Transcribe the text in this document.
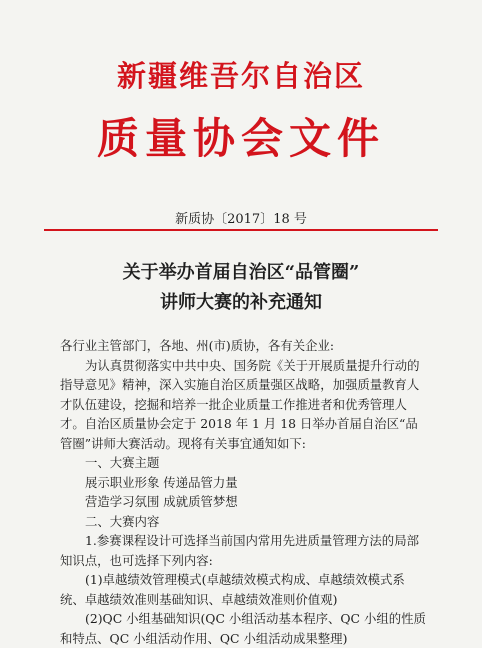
新疆维吾尔自治区
质量协会文件
新质协〔2017〕18 号
关于举办首届自治区“品管圈”
讲师大赛的补充通知

各行业主管部门，各地、州(市)质协，各有关企业:

为认真贯彻落实中共中央、国务院《关于开展质量提升行动的指导意见》精神，深入实施自治区质量强区战略，加强质量教育人才队伍建设，挖掘和培养一批企业质量工作推进者和优秀管理人才。自治区质量协会定于 2018 年 1 月 18 日举办首届自治区“品管圈”讲师大赛活动。现将有关事宜通知如下:

一、大赛主题

展示职业形象 传递品管力量

营造学习氛围 成就质管梦想

二、大赛内容

1.参赛课程设计可选择当前国内常用先进质量管理方法的局部知识点，也可选择下列内容:

(1)卓越绩效管理模式(卓越绩效模式构成、卓越绩效模式系统、卓越绩效准则基础知识、卓越绩效准则价值观)

(2)QC 小组基础知识(QC 小组活动基本程序、QC 小组的性质和特点、QC 小组活动作用、QC 小组活动成果整理)
